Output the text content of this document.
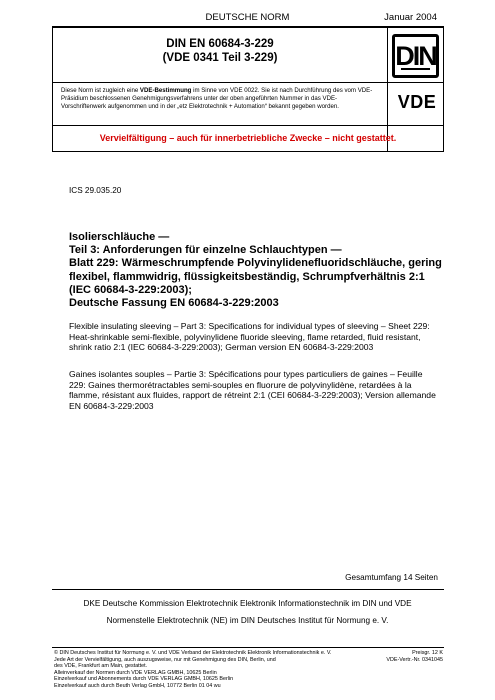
DEUTSCHE NORM	Januar 2004
DIN EN 60684-3-229
(VDE 0341 Teil 3-229)	DIN
Diese Norm ist zugleich eine VDE-Bestimmung im Sinne von VDE 0022. Sie ist nach Durchführung des vom VDE-Präsidium beschlossenen Genehmigungsverfahrens unter der oben angeführten Nummer in das VDE-Vorschriftenwerk aufgenommen und in der „etz Elektrotechnik + Automation“ bekannt gegeben worden.	VDE
Vervielfältigung – auch für innerbetriebliche Zwecke – nicht gestattet.
ICS 29.035.20
Isolierschläuche —
Teil 3: Anforderungen für einzelne Schlauchtypen —
Blatt 229: Wärmeschrumpfende Polyvinylidenefluoridschläuche, gering
flexibel, flammwidrig, flüssigkeitsbeständig, Schrumpfverhältnis 2:1
(IEC 60684-3-229:2003);
Deutsche Fassung EN 60684-3-229:2003
Flexible insulating sleeving – Part 3: Specifications for individual types of sleeving – Sheet 229: Heat-shrinkable semi-flexible, polyvinylidene fluoride sleeving, flame retarded, fluid resistant, shrink ratio 2:1 (IEC 60684-3-229:2003); German version EN 60684-3-229:2003
Gaines isolantes souples – Partie 3: Spécifications pour types particuliers de gaines – Feuille 229: Gaines thermorétractables semi-souples en fluorure de polyvinylidène, retardées à la flamme, résistant aux fluides, rapport de rétreint 2:1 (CEI 60684-3-229:2003); Version allemande EN 60684-3-229:2003
Gesamtumfang 14 Seiten
DKE Deutsche Kommission Elektrotechnik Elektronik Informationstechnik im DIN und VDE
Normenstelle Elektrotechnik (NE) im DIN Deutsches Institut für Normung e. V.
© DIN Deutsches Institut für Normung e. V. und VDE Verband der Elektrotechnik Elektronik Informationstechnik e. V.
Jede Art der Vervielfältigung, auch auszugsweise, nur mit Genehmigung des DIN, Berlin, und
des VDE, Frankfurt am Main, gestattet.
Alleinverkauf der Normen durch VDE VERLAG GMBH, 10625 Berlin
Einzelverkauf und Abonnements durch VDE VERLAG GMBH, 10625 Berlin
Einzelverkauf auch durch Beuth Verlag GmbH, 10772 Berlin 01 04 wu
Preisgr. 12 K
VDE-Vertr.-Nr. 0341045
